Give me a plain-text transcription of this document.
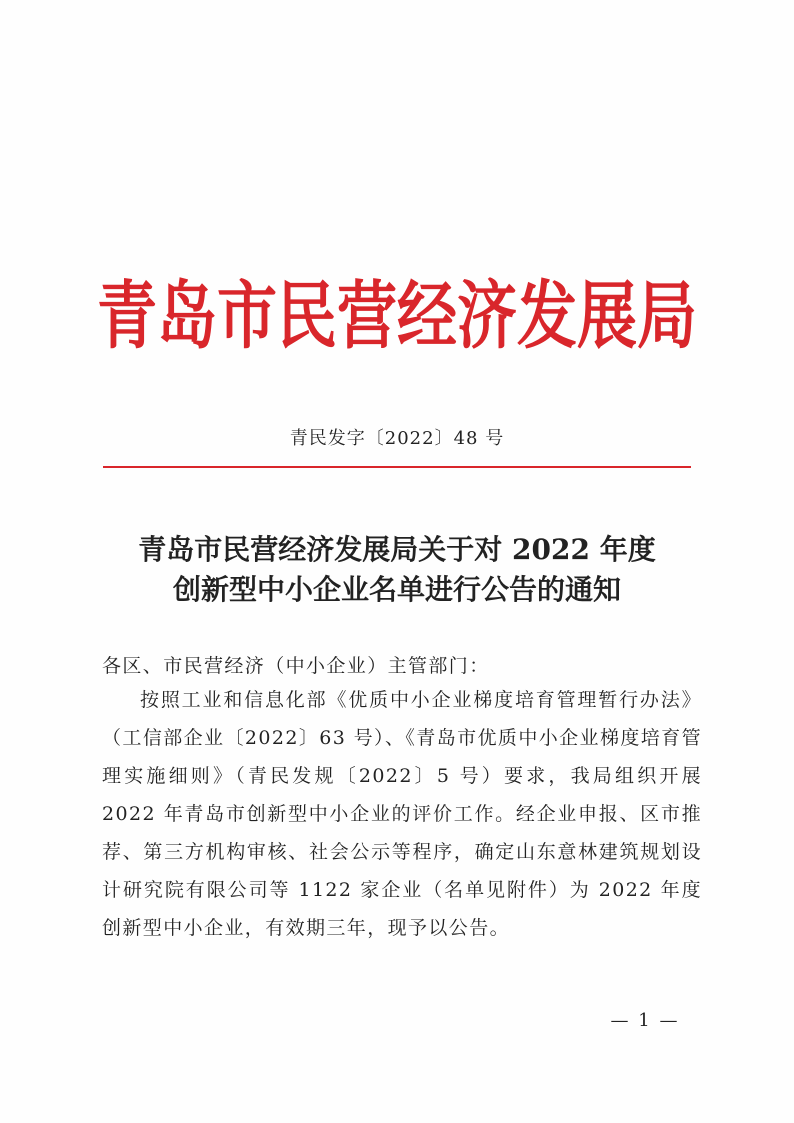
青岛市民营经济发展局
青民发字〔2022〕48 号
青岛市民营经济发展局关于对 2022 年度
创新型中小企业名单进行公告的通知
各区、市民营经济（中小企业）主管部门：
按照工业和信息化部《优质中小企业梯度培育管理暂行办法》（工信部企业〔2022〕63 号）、《青岛市优质中小企业梯度培育管理实施细则》（青民发规〔2022〕5 号）要求，我局组织开展 2022 年青岛市创新型中小企业的评价工作。经企业申报、区市推荐、第三方机构审核、社会公示等程序，确定山东意林建筑规划设计研究院有限公司等 1122 家企业（名单见附件）为 2022 年度创新型中小企业，有效期三年，现予以公告。
— 1 —
